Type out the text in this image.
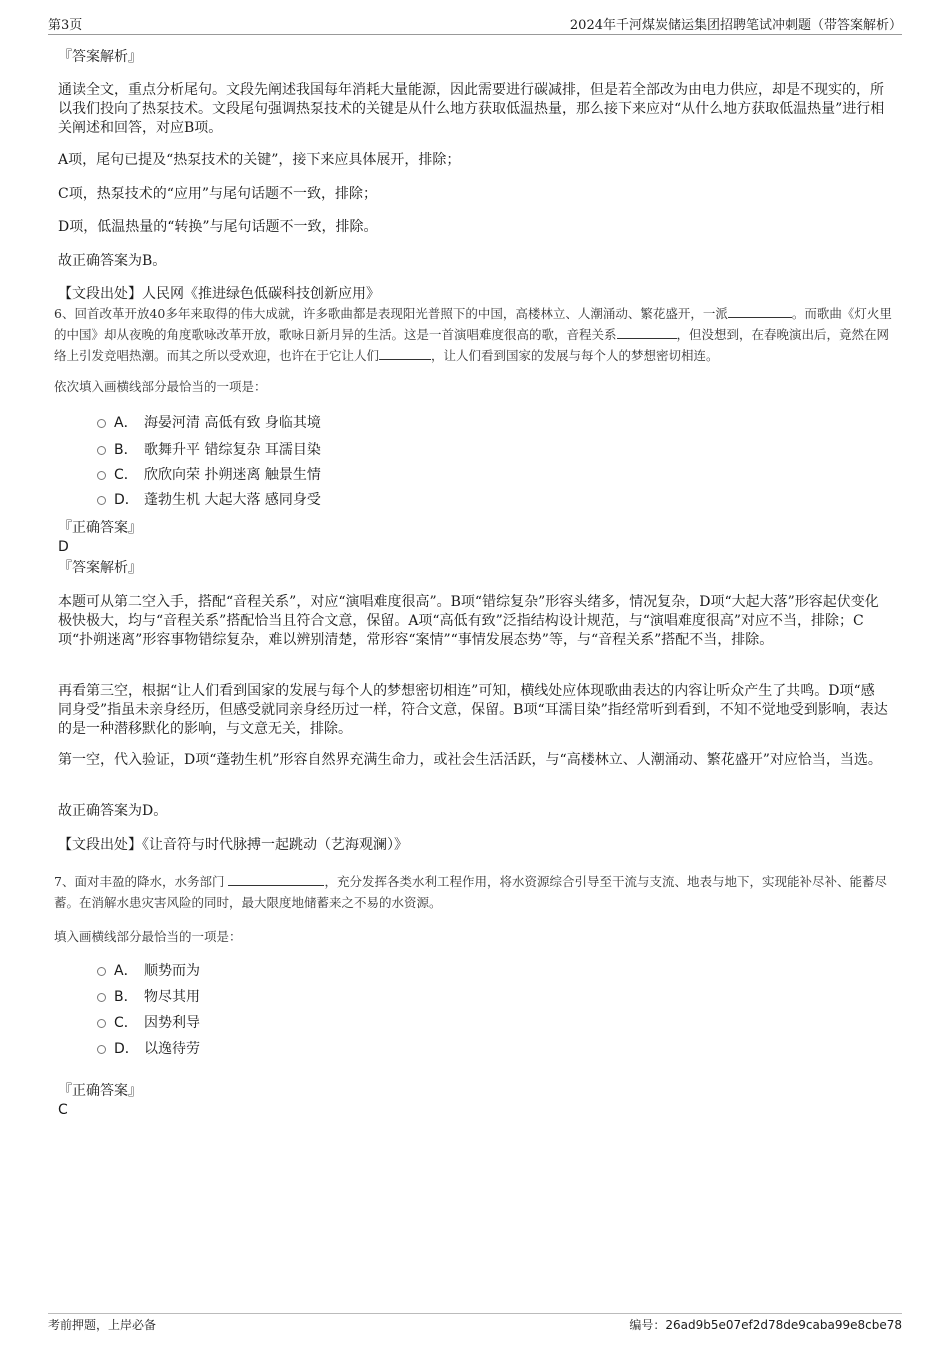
第3页	2024年千河煤炭储运集团招聘笔试冲刺题（带答案解析）

『答案解析』

通读全文，重点分析尾句。文段先阐述我国每年消耗大量能源，因此需要进行碳减排，但是若全部改为由电力供应，却是不现实的，所以我们投向了热泵技术。文段尾句强调热泵技术的关键是从什么地方获取低温热量，那么接下来应对“从什么地方获取低温热量”进行相关阐述和回答，对应B项。

A项，尾句已提及“热泵技术的关键”，接下来应具体展开，排除；

C项，热泵技术的“应用”与尾句话题不一致，排除；

D项，低温热量的“转换”与尾句话题不一致，排除。

故正确答案为B。

【文段出处】人民网《推进绿色低碳科技创新应用》

6、回首改革开放40多年来取得的伟大成就，许多歌曲都是表现阳光普照下的中国，高楼林立、人潮涌动、繁花盛开，一派	。而歌曲《灯火里的中国》却从夜晚的角度歌咏改革开放，歌咏日新月异的生活。这是一首演唱难度很高的歌，音程关系	，但没想到，在春晚演出后，竟然在网络上引发竞唱热潮。而其之所以受欢迎，也许在于它让人们	，让人们看到国家的发展与每个人的梦想密切相连。

依次填入画横线部分最恰当的一项是：

A． 海晏河清 高低有致 身临其境
B． 歌舞升平 错综复杂 耳濡目染
C． 欣欣向荣 扑朔迷离 触景生情
D． 蓬勃生机 大起大落 感同身受

『正确答案』

D

『答案解析』

本题可从第二空入手，搭配“音程关系”，对应“演唱难度很高”。B项“错综复杂”形容头绪多，情况复杂，D项“大起大落”形容起伏变化极快极大，均与“音程关系”搭配恰当且符合文意，保留。A项“高低有致”泛指结构设计规范，与“演唱难度很高”对应不当，排除；C项“扑朔迷离”形容事物错综复杂，难以辨别清楚，常形容“案情”“事情发展态势”等，与“音程关系”搭配不当，排除。

再看第三空，根据“让人们看到国家的发展与每个人的梦想密切相连”可知，横线处应体现歌曲表达的内容让听众产生了共鸣。D项“感同身受”指虽未亲身经历，但感受就同亲身经历过一样，符合文意，保留。B项“耳濡目染”指经常听到看到，不知不觉地受到影响，表达的是一种潜移默化的影响，与文意无关，排除。

第一空，代入验证，D项“蓬勃生机”形容自然界充满生命力，或社会生活活跃，与“高楼林立、人潮涌动、繁花盛开”对应恰当，当选。

故正确答案为D。

【文段出处】《让音符与时代脉搏一起跳动（艺海观澜）》

7、面对丰盈的降水，水务部门	，充分发挥各类水利工程作用，将水资源综合引导至干流与支流、地表与地下，实现能补尽补、能蓄尽蓄。在消解水患灾害风险的同时，最大限度地储蓄来之不易的水资源。

填入画横线部分最恰当的一项是：

A． 顺势而为
B． 物尽其用
C． 因势利导
D． 以逸待劳

『正确答案』

C

考前押题，上岸必备	编号：26ad9b5e07ef2d78de9caba99e8cbe78
